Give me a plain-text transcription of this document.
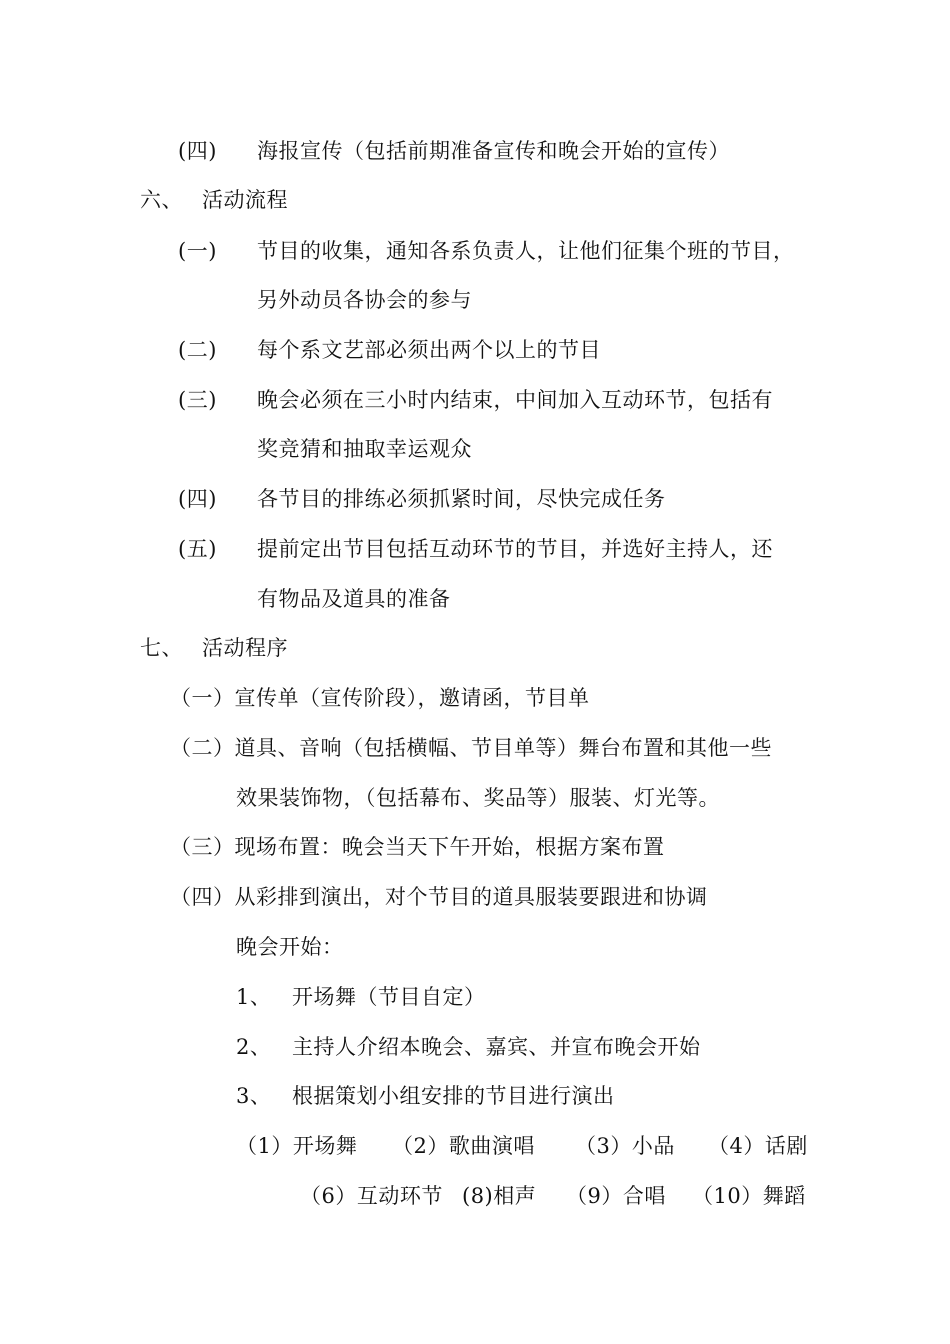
(四) 海报宣传（包括前期准备宣传和晚会开始的宣传）
六、 活动流程
(一) 节目的收集，通知各系负责人，让他们征集个班的节目，
另外动员各协会的参与
(二) 每个系文艺部必须出两个以上的节目
(三) 晚会必须在三小时内结束，中间加入互动环节，包括有
奖竞猜和抽取幸运观众
(四) 各节目的排练必须抓紧时间，尽快完成任务
(五) 提前定出节目包括互动环节的节目，并选好主持人，还
有物品及道具的准备
七、 活动程序
（一）宣传单（宣传阶段），邀请函，节目单
（二）道具、音响（包括横幅、节目单等）舞台布置和其他一些
效果装饰物，（包括幕布、奖品等）服装、灯光等。
（三）现场布置：晚会当天下午开始，根据方案布置
（四）从彩排到演出，对个节目的道具服装要跟进和协调
晚会开始：
1、 开场舞（节目自定）
2、 主持人介绍本晚会、嘉宾、并宣布晚会开始
3、 根据策划小组安排的节目进行演出
（1）开场舞 （2）歌曲演唱 （3）小品 （4）话剧
（6）互动环节 (8)相声 （9）合唱 （10）舞蹈
